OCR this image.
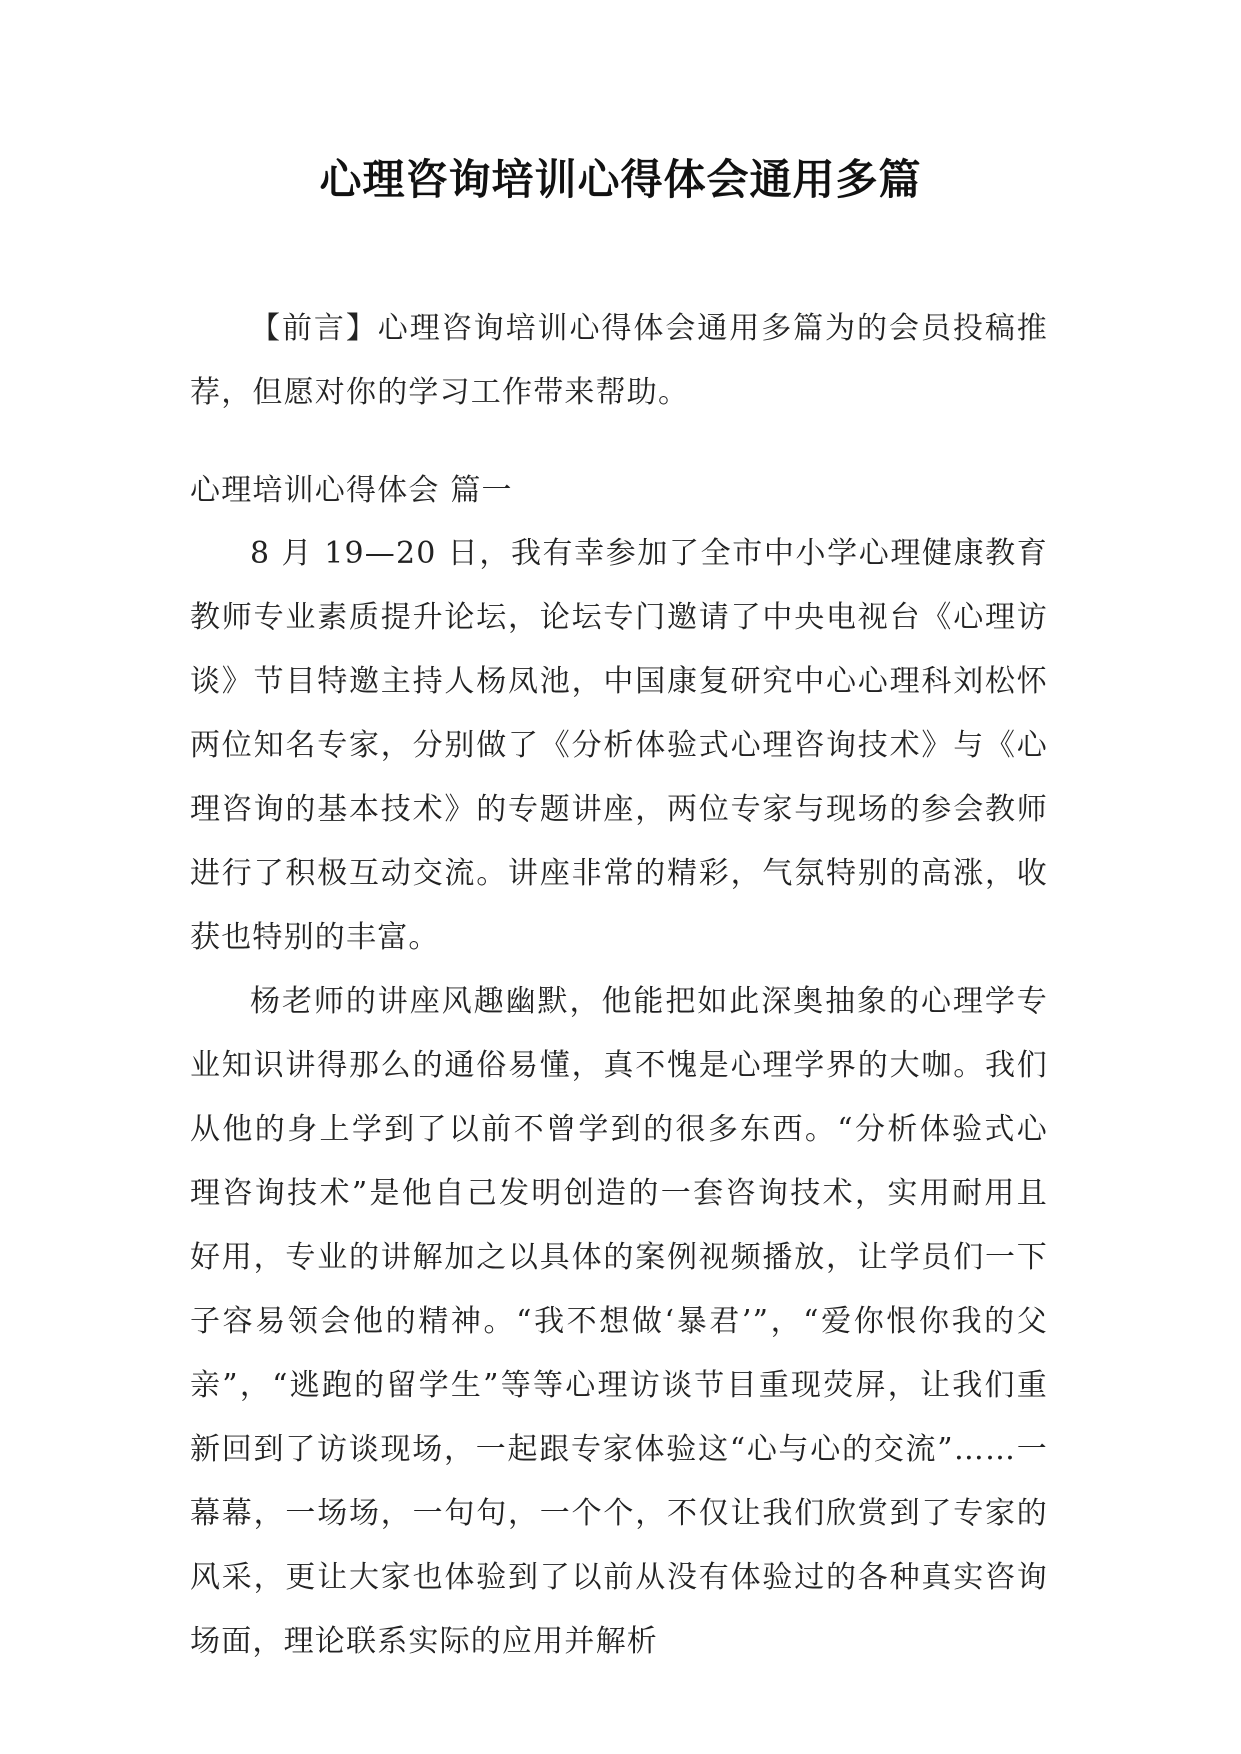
心理咨询培训心得体会通用多篇

【前言】心理咨询培训心得体会通用多篇为的会员投稿推荐，但愿对你的学习工作带来帮助。

心理培训心得体会 篇一

8 月 19—20 日，我有幸参加了全市中小学心理健康教育教师专业素质提升论坛，论坛专门邀请了中央电视台《心理访谈》节目特邀主持人杨凤池，中国康复研究中心心理科刘松怀两位知名专家，分别做了《分析体验式心理咨询技术》与《心理咨询的基本技术》的专题讲座，两位专家与现场的参会教师进行了积极互动交流。讲座非常的精彩，气氛特别的高涨，收获也特别的丰富。

杨老师的讲座风趣幽默，他能把如此深奥抽象的心理学专业知识讲得那么的通俗易懂，真不愧是心理学界的大咖。我们从他的身上学到了以前不曾学到的很多东西。“分析体验式心理咨询技术”是他自己发明创造的一套咨询技术，实用耐用且好用，专业的讲解加之以具体的案例视频播放，让学员们一下子容易领会他的精神。“我不想做‘暴君’”，“爱你恨你我的父亲”，“逃跑的留学生”等等心理访谈节目重现荧屏，让我们重新回到了访谈现场，一起跟专家体验这“心与心的交流”……一幕幕，一场场，一句句，一个个，不仅让我们欣赏到了专家的风采，更让大家也体验到了以前从没有体验过的各种真实咨询场面，理论联系实际的应用并解析
